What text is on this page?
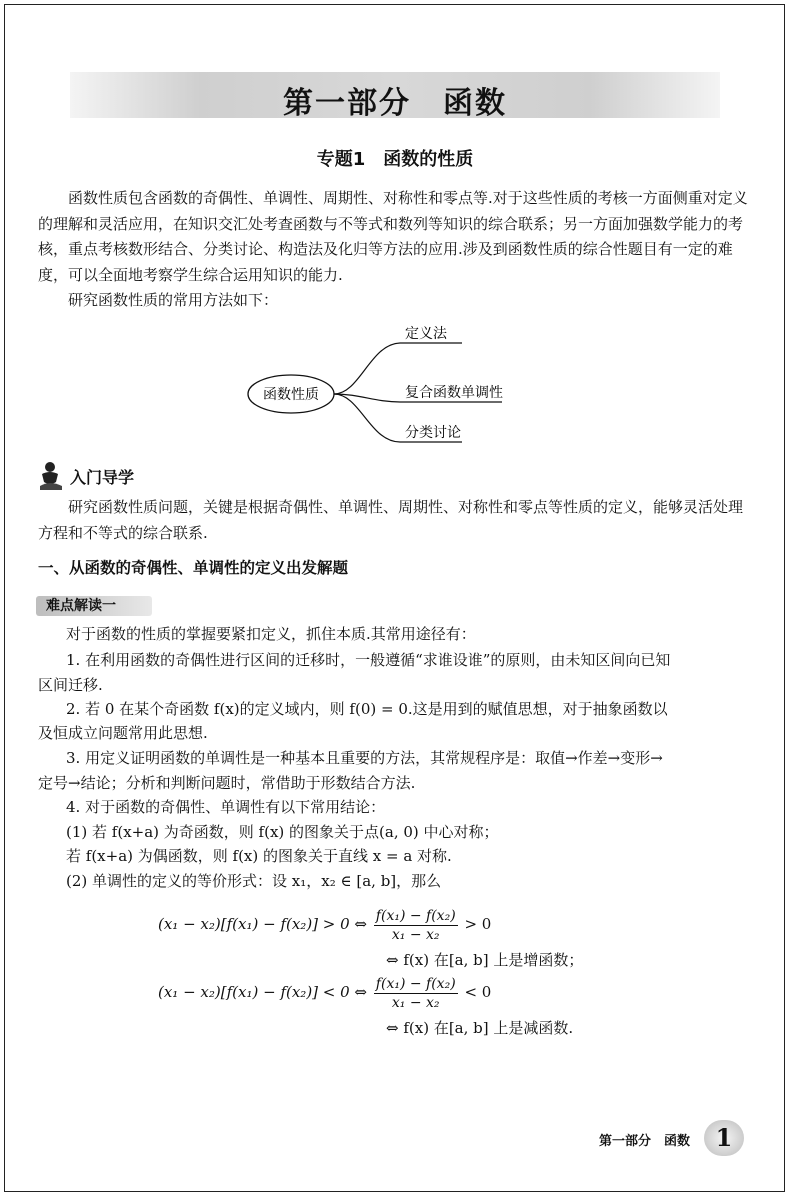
第一部分　函数
专题1　函数的性质
函数性质包含函数的奇偶性、单调性、周期性、对称性和零点等.对于这些性质的考核一方面侧重对定义的理解和灵活应用，在知识交汇处考查函数与不等式和数列等知识的综合联系；另一方面加强数学能力的考核，重点考核数形结合、分类讨论、构造法及化归等方法的应用.涉及到函数性质的综合性题目有一定的难度，可以全面地考察学生综合运用知识的能力.
研究函数性质的常用方法如下：
函数性质
定义法
复合函数单调性
分类讨论
入门导学
研究函数性质问题，关键是根据奇偶性、单调性、周期性、对称性和零点等性质的定义，能够灵活处理方程和不等式的综合联系.
一、从函数的奇偶性、单调性的定义出发解题
难点解读一
对于函数的性质的掌握要紧扣定义，抓住本质.其常用途径有：
1. 在利用函数的奇偶性进行区间的迁移时，一般遵循“求谁设谁”的原则，由未知区间向已知
区间迁移.
2. 若 0 在某个奇函数 f(x)的定义域内，则 f(0) = 0.这是用到的赋值思想，对于抽象函数以
及恒成立问题常用此思想.
3. 用定义证明函数的单调性是一种基本且重要的方法，其常规程序是：取值→作差→变形→
定号→结论；分析和判断问题时，常借助于形数结合方法.
4. 对于函数的奇偶性、单调性有以下常用结论：
(1) 若 f(x+a) 为奇函数，则 f(x) 的图象关于点(a, 0) 中心对称；
若 f(x+a) 为偶函数，则 f(x) 的图象关于直线 x = a 对称.
(2) 单调性的定义的等价形式：设 x₁，x₂ ∈ [a, b]，那么
(x₁ − x₂)[f(x₁) − f(x₂)] > 0 ⇔ $\frac{\text{f(x₁) − f(x₂)}}{\text{x₁ − x₂}} > 0$
⇔ f(x) 在[a, b] 上是增函数；
(x₁ − x₂)[f(x₁) − f(x₂)] < 0 ⇔ $\frac{\text{f(x₁) − f(x₂)}}{\text{x₁ − x₂}} < 0$
⇔ f(x) 在[a, b] 上是减函数.
第一部分　函数	1
